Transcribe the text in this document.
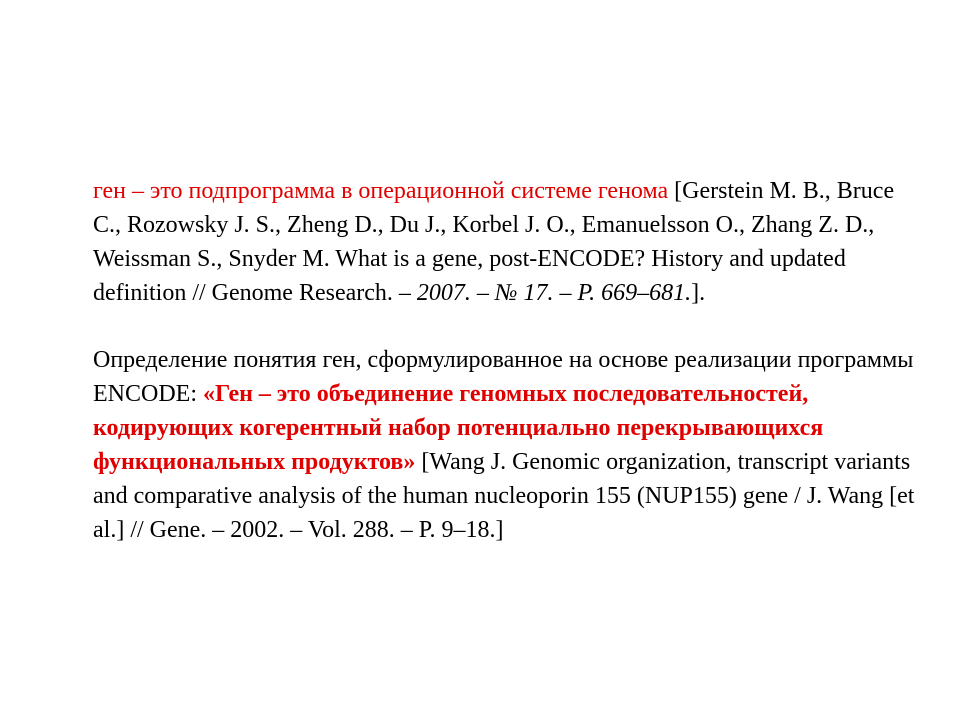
ген – это подпрограмма в операционной системе генома [Gerstein M. B., Bruce C., Rozowsky J. S., Zheng D., Du J., Korbel J. O., Emanuelsson O., Zhang Z. D., Weissman S., Snyder M. What is a gene, post-ENCODE? History and updated definition // Genome Research. – 2007. – № 17. – P. 669–681.].

Определение понятия ген, сформулированное на основе реализации программы ENCODE: «Ген – это объединение геномных последовательностей, кодирующих когерентный набор потенциально перекрывающихся функциональных продуктов» [Wang J. Genomic organization, transcript variants and comparative analysis of the human nucleoporin 155 (NUP155) gene / J. Wang [et al.] // Gene. – 2002. – Vol. 288. – P. 9–18.]
